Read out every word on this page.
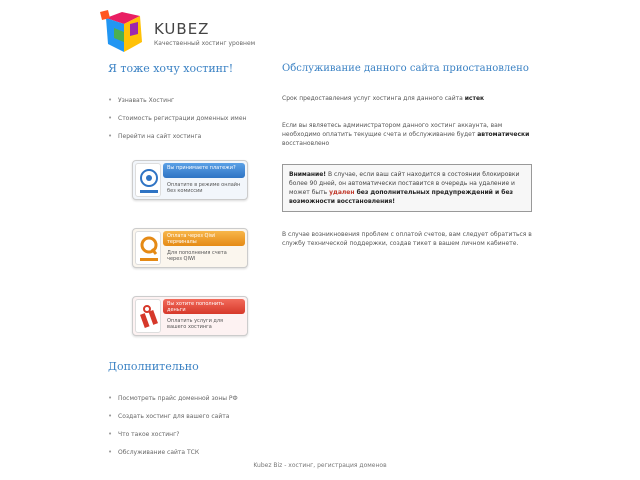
KUBEZ
Качественный хостинг уровнем
Я тоже хочу хостинг!
• Узнавать Хостинг
• Стоимость регистрации доменных имен
• Перейти на сайт хостинга
Вы принимаете платежи?
Оплатите в режиме онлайн без комиссии
Оплата через Qiwi терминалы
Для пополнения счета через QIWI
Вы хотите пополнить деньги
Оплатить услуги для вашего хостинга
Дополнительно
• Посмотреть прайс доменной зоны РФ
• Создать хостинг для вашего сайта
• Что такое хостинг?
• Обслуживание сайта ТСК
Обслуживание данного сайта приостановлено

Срок предоставления услуг хостинга для данного сайта истек

Если вы являетесь администратором данного хостинг аккаунта, вам необходимо оплатить текущие счета и обслуживание будет автоматически восстановлено

Внимание! В случае, если ваш сайт находится в состоянии блокировки более 90 дней, он автоматически поставится в очередь на удаление и может быть удален без дополнительных предупреждений и без возможности восстановления!

В случае возникновения проблем с оплатой счетов, вам следует обратиться в службу технической поддержки, создав тикет в вашем личном кабинете.

Kubez Biz - хостинг, регистрация доменов
